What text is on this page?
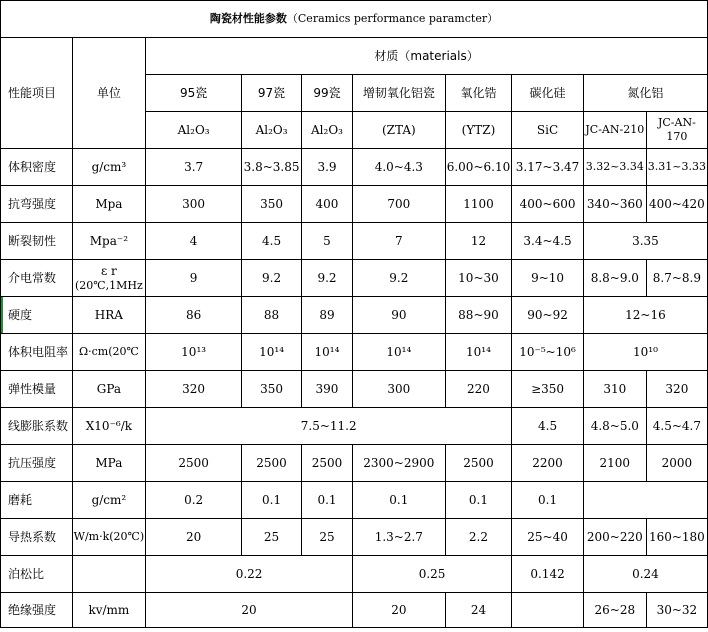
陶瓷材性能参数（Ceramics performance paramcter）									
性能项目	单位	材质（materials）							
		95瓷	97瓷	99瓷	增韧氧化铝瓷	氧化锆	碳化硅	氮化铝	
		Al₂O₃	Al₂O₃	Al₂O₃	(ZTA)	(YTZ)	SiC	JC-AN-210	JC-AN-170
体积密度	g/cm³	3.7	3.8~3.85	3.9	4.0~4.3	6.00~6.10	3.17~3.47	3.32~3.34	3.31~3.33
抗弯强度	Mpa	300	350	400	700	1100	400~600	340~360	400~420
断裂韧性	Mpa⁻²	4	4.5	5	7	12	3.4~4.5	3.35	
介电常数	ε r
(20℃,1MHz	9	9.2	9.2	9.2	10~30	9~10	8.8~9.0	8.7~8.9
硬度	HRA	86	88	89	90	88~90	90~92	12~16	
体积电阻率	Ω·cm(20℃	10¹³	10¹⁴	10¹⁴	10¹⁴	10¹⁴	10⁻⁵~10⁶	10¹⁰	
弹性模量	GPa	320	350	390	300	220	≥350	310	320
线膨胀系数	X10⁻⁶/k	7.5~11.2					4.5	4.8~5.0	4.5~4.7
抗压强度	MPa	2500	2500	2500	2300~2900	2500	2200	2100	2000
磨耗	g/cm²	0.2	0.1	0.1	0.1	0.1	0.1		
导热系数	W/m·k(20℃)	20	25	25	1.3~2.7	2.2	25~40	200~220	160~180
泊松比		0.22			0.25		0.142	0.24	
绝缘强度	kv/mm	20			20	24		26~28	30~32
